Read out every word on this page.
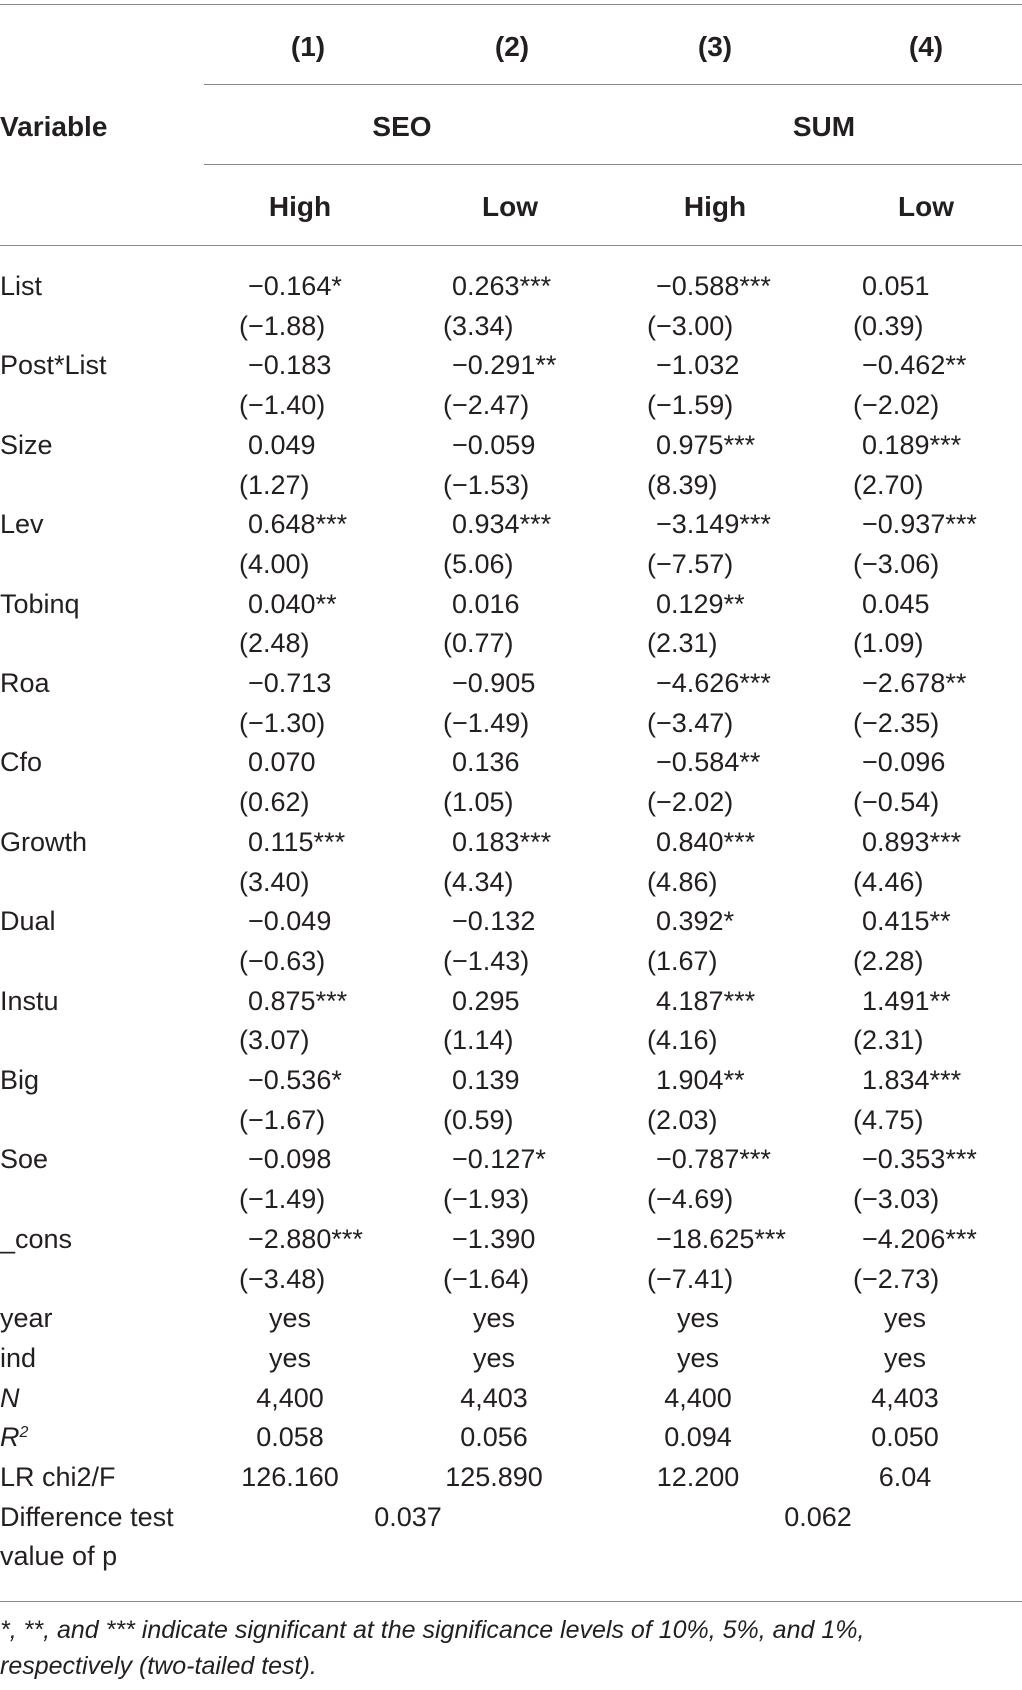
(1)	(2)	(3)	(4)
Variable	SEO	SUM
High	Low	High	Low
List	−0.164*	0.263***	−0.588***	0.051
(−1.88)	(3.34)	(−3.00)	(0.39)
Post*List	−0.183	−0.291**	−1.032	−0.462**
(−1.40)	(−2.47)	(−1.59)	(−2.02)
Size	0.049	−0.059	0.975***	0.189***
(1.27)	(−1.53)	(8.39)	(2.70)
Lev	0.648***	0.934***	−3.149***	−0.937***
(4.00)	(5.06)	(−7.57)	(−3.06)
Tobinq	0.040**	0.016	0.129**	0.045
(2.48)	(0.77)	(2.31)	(1.09)
Roa	−0.713	−0.905	−4.626***	−2.678**
(−1.30)	(−1.49)	(−3.47)	(−2.35)
Cfo	0.070	0.136	−0.584**	−0.096
(0.62)	(1.05)	(−2.02)	(−0.54)
Growth	0.115***	0.183***	0.840***	0.893***
(3.40)	(4.34)	(4.86)	(4.46)
Dual	−0.049	−0.132	0.392*	0.415**
(−0.63)	(−1.43)	(1.67)	(2.28)
Instu	0.875***	0.295	4.187***	1.491**
(3.07)	(1.14)	(4.16)	(2.31)
Big	−0.536*	0.139	1.904**	1.834***
(−1.67)	(0.59)	(2.03)	(4.75)
Soe	−0.098	−0.127*	−0.787***	−0.353***
(−1.49)	(−1.93)	(−4.69)	(−3.03)
_cons	−2.880***	−1.390	−18.625***	−4.206***
(−3.48)	(−1.64)	(−7.41)	(−2.73)
year	yes	yes	yes	yes
ind	yes	yes	yes	yes
N	4,400	4,403	4,400	4,403
$R^2$	0.058	0.056	0.094	0.050
LR chi2/F	126.160	125.890	12.200	6.04
Difference test	0.037	0.062
value of p
*, **, and *** indicate significant at the significance levels of 10%, 5%, and 1%, respectively (two-tailed test).
